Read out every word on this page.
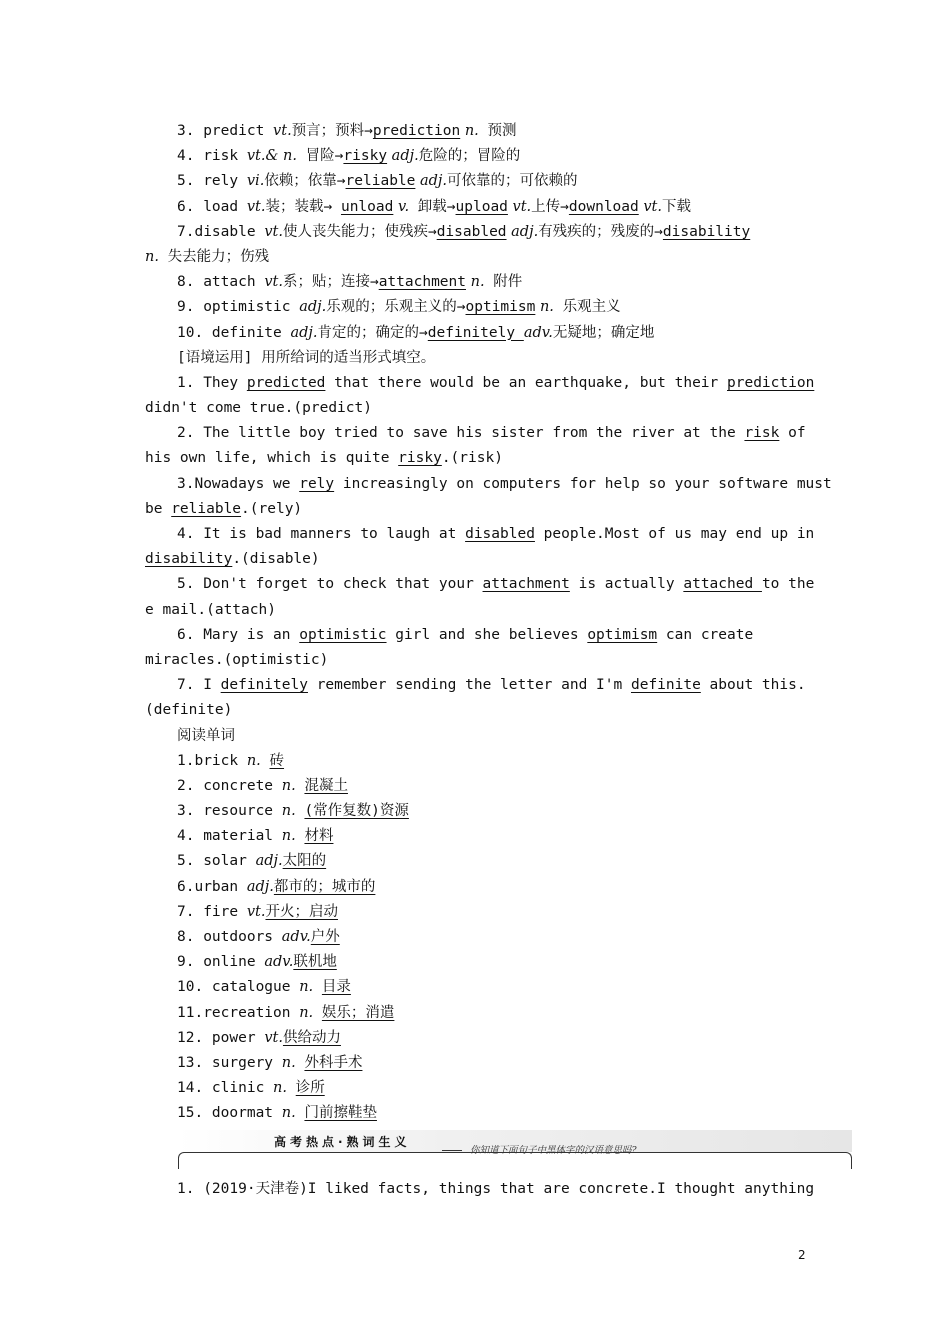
3. predict vt.预言；预料→prediction n. 预测
4. risk vt.& n. 冒险→risky adj.危险的；冒险的
5. rely vi.依赖；依靠→reliable adj.可依靠的；可依赖的
6. load vt.装；装载→ unload v. 卸载→upload vt.上传→download vt.下载
7.disable vt.使人丧失能力；使残疾→disabled adj.有残疾的；残废的→disability
n. 失去能力；伤残
8. attach vt.系；贴；连接→attachment n. 附件
9. optimistic adj.乐观的；乐观主义的→optimism n. 乐观主义
10. definite adj.肯定的；确定的→definitely adv.无疑地；确定地
[语境运用] 用所给词的适当形式填空。
1. They predicted that there would be an earthquake, but their prediction
didn't come true.(predict)
2. The little boy tried to save his sister from the river at the risk of
his own life, which is quite risky.(risk)
3.Nowadays we rely increasingly on computers for help so your software must
be reliable.(rely)
4. It is bad manners to laugh at disabled people.Most of us may end up in
disability.(disable)
5. Don't forget to check that your attachment is actually attached to the
e mail.(attach)
6. Mary is an optimistic girl and she believes optimism can create
miracles.(optimistic)
7. I definitely remember sending the letter and I'm definite about this.
(definite)
阅读单词
1.brick n. 砖
2. concrete n. 混凝土
3. resource n. (常作复数)资源
4. material n. 材料
5. solar adj.太阳的
6.urban adj.都市的；城市的
7. fire vt.开火；启动
8. outdoors adv.户外
9. online adv.联机地
10. catalogue n. 目录
11.recreation n. 娱乐；消遣
12. power vt.供给动力
13. surgery n. 外科手术
14. clinic n. 诊所
15. doormat n. 门前擦鞋垫
高考热点·熟词生义
你知道下面句子中黑体字的汉语意思吗?
1. (2019·天津卷)I liked facts, things that are concrete.I thought anything
2
